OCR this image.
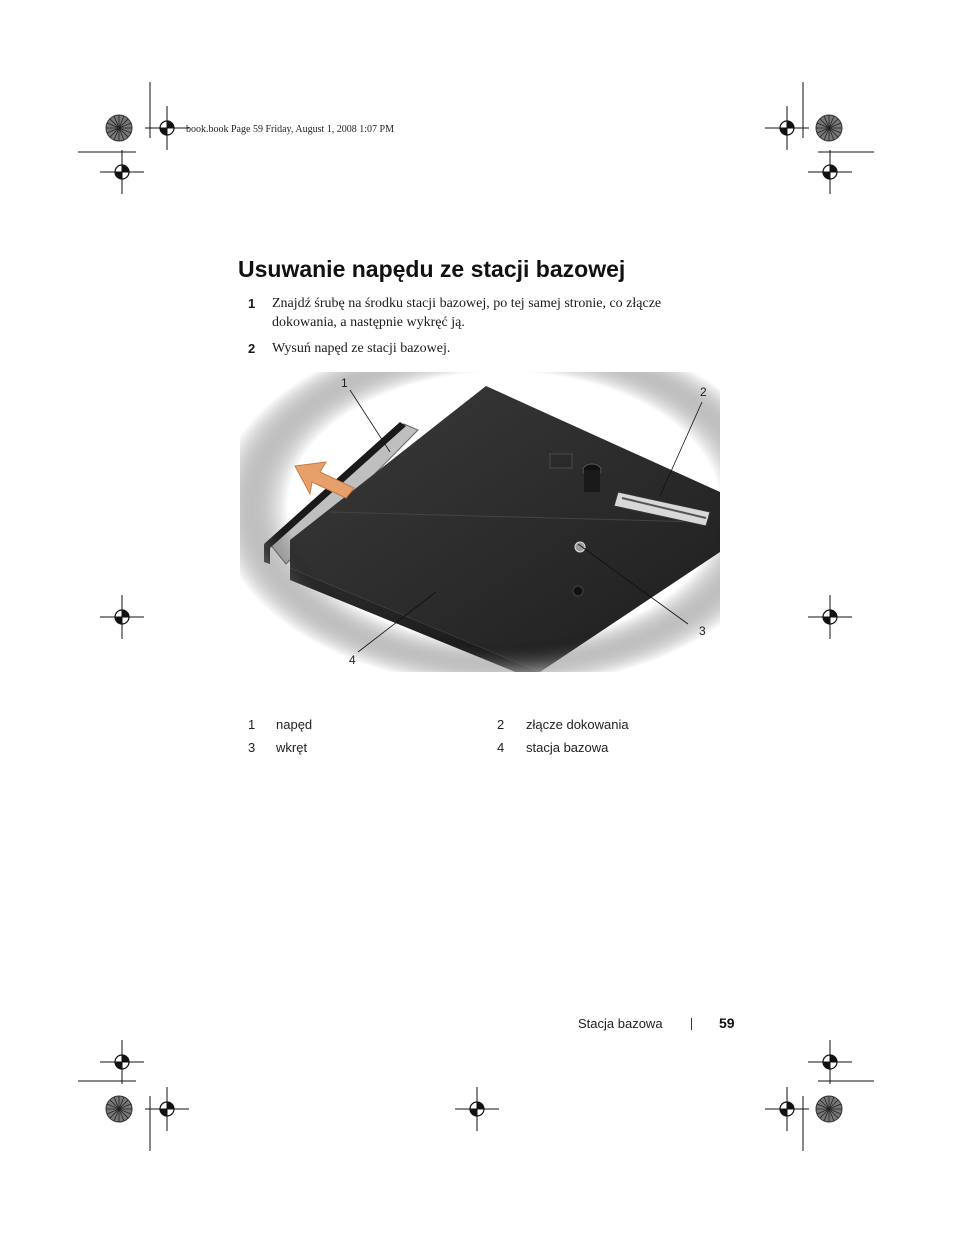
book.book Page 59 Friday, August 1, 2008 1:07 PM
Usuwanie napędu ze stacji bazowej
1 Znajdź śrubę na środku stacji bazowej, po tej samej stronie, co złącze dokowania, a następnie wykręć ją.
2 Wysuń napęd ze stacji bazowej.
1
2
3
4
1 napęd	2 złącze dokowania
3 wkręt	4 stacja bazowa
Stacja bazowa	59
